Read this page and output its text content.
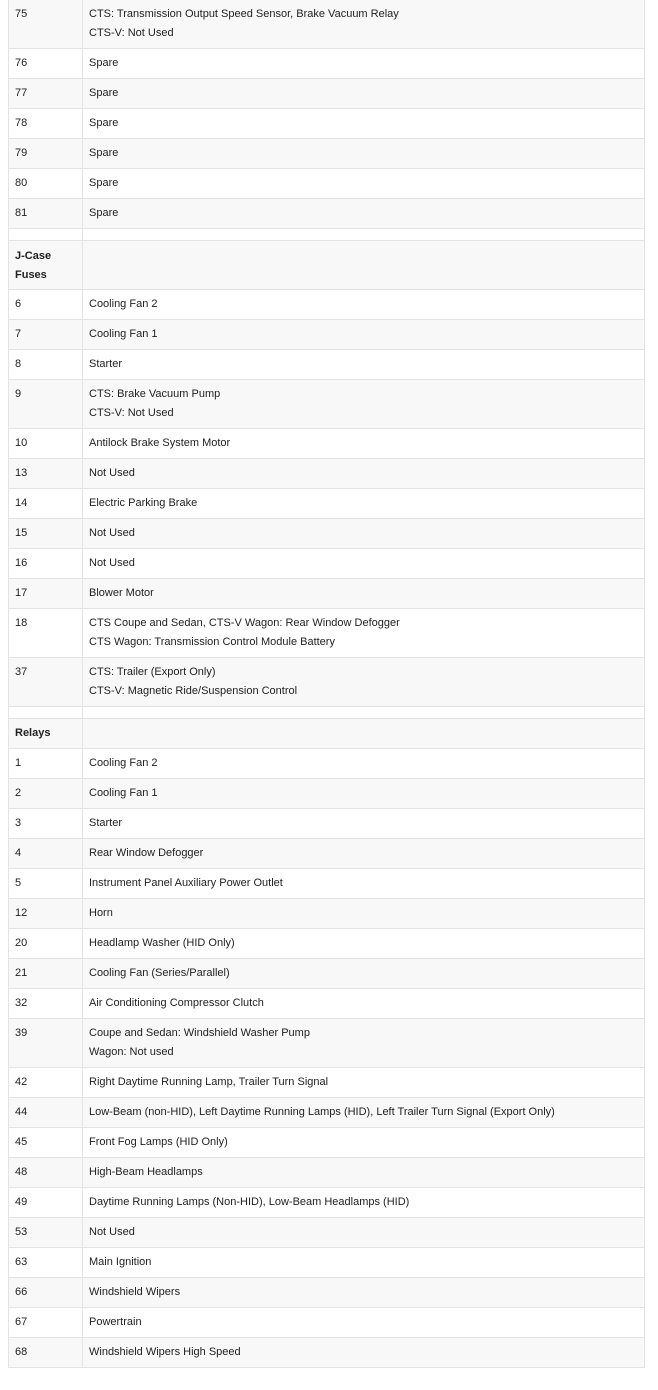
75	CTS: Transmission Output Speed Sensor, Brake Vacuum Relay
CTS-V: Not Used

76	Spare

77	Spare

78	Spare

79	Spare

80	Spare

81	Spare

J-Case Fuses	
6	Cooling Fan 2

7	Cooling Fan 1

8	Starter

9	CTS: Brake Vacuum Pump
CTS-V: Not Used

10	Antilock Brake System Motor

13	Not Used

14	Electric Parking Brake

15	Not Used

16	Not Used

17	Blower Motor

18	CTS Coupe and Sedan, CTS-V Wagon: Rear Window Defogger
CTS Wagon: Transmission Control Module Battery

37	CTS: Trailer (Export Only)
CTS-V: Magnetic Ride/Suspension Control

Relays	
1	Cooling Fan 2

2	Cooling Fan 1

3	Starter

4	Rear Window Defogger

5	Instrument Panel Auxiliary Power Outlet

12	Horn

20	Headlamp Washer (HID Only)

21	Cooling Fan (Series/Parallel)

32	Air Conditioning Compressor Clutch

39	Coupe and Sedan: Windshield Washer Pump
Wagon: Not used

42	Right Daytime Running Lamp, Trailer Turn Signal

44	Low-Beam (non-HID), Left Daytime Running Lamps (HID), Left Trailer Turn Signal (Export Only)

45	Front Fog Lamps (HID Only)

48	High-Beam Headlamps

49	Daytime Running Lamps (Non-HID), Low-Beam Headlamps (HID)

53	Not Used

63	Main Ignition

66	Windshield Wipers

67	Powertrain

68	Windshield Wipers High Speed
